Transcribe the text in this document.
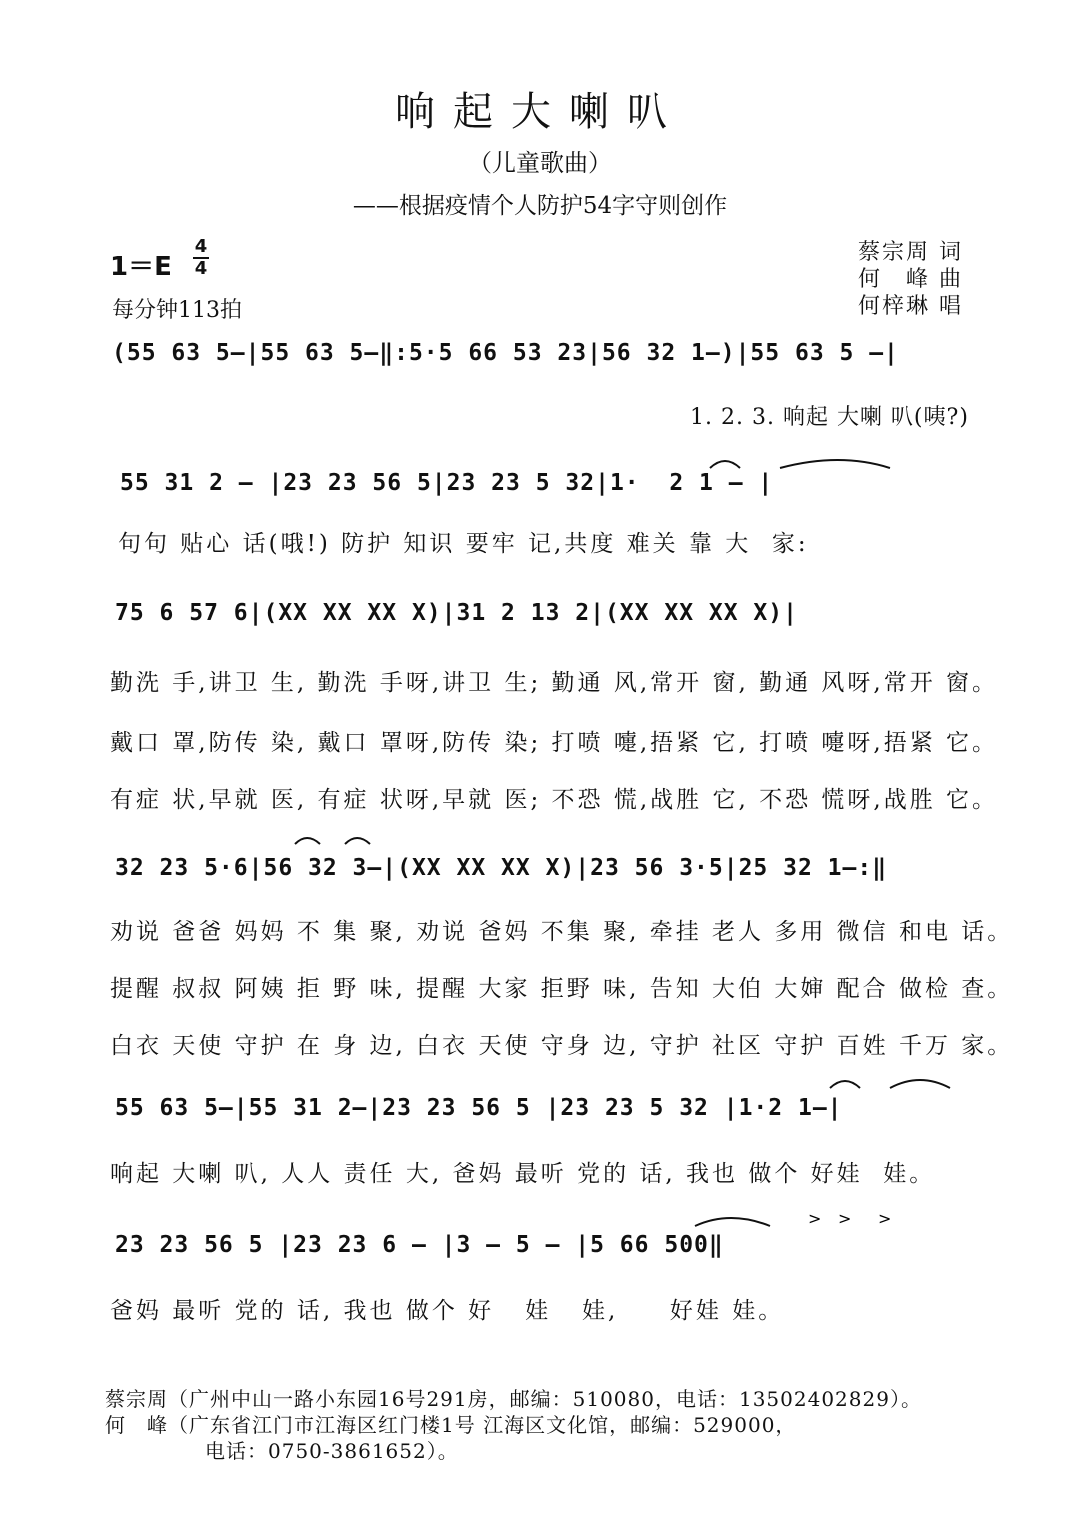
响起大喇叭
（儿童歌曲）
——根据疫情个人防护54字守则创作
1＝E
4
4
每分钟113拍
蔡宗周 词
何　峰 曲
何梓琳 唱
(55 63 5–|55 63 5–‖:5·5 66 53 23|56 32 1–)|55 63 5 –|
1. 2. 3. 响起 大喇 叭(咦?)
55 31 2 – |23 23 56 5|23 23 5 32|1·  2 1 – |
句句 贴心 话(哦!) 防护 知识 要牢 记,共度 难关 靠 大  家:
75 6 57 6|(XX XX XX X)|31 2 13 2|(XX XX XX X)|
勤洗 手,讲卫 生, 勤洗 手呀,讲卫 生; 勤通 风,常开 窗, 勤通 风呀,常开 窗。
戴口 罩,防传 染, 戴口 罩呀,防传 染; 打喷 嚏,捂紧 它, 打喷 嚏呀,捂紧 它。
有症 状,早就 医, 有症 状呀,早就 医; 不恐 慌,战胜 它, 不恐 慌呀,战胜 它。
32 23 5·6|56 32 3–|(XX XX XX X)|23 56 3·5|25 32 1–:‖
劝说 爸爸 妈妈 不 集 聚, 劝说 爸妈 不集 聚, 牵挂 老人 多用 微信 和电 话。
提醒 叔叔 阿姨 拒 野 味, 提醒 大家 拒野 味, 告知 大伯 大婶 配合 做检 查。
白衣 天使 守护 在 身 边, 白衣 天使 守身 边, 守护 社区 守护 百姓 千万 家。
55 63 5–|55 31 2–|23 23 56 5 |23 23 5 32 |1·2 1–|
响起 大喇 叭, 人人 责任 大, 爸妈 最听 党的 话, 我也 做个 好娃  娃。
> > >
23 23 56 5 |23 23 6 – |3 – 5 – |5 66 500‖
爸妈 最听 党的 话, 我也 做个 好   娃   娃,     好娃 娃。
蔡宗周（广州中山一路小东园16号291房，邮编：510080，电话：13502402829）。
何　峰（广东省江门市江海区红门楼1号 江海区文化馆，邮编：529000，
电话：0750-3861652）。
